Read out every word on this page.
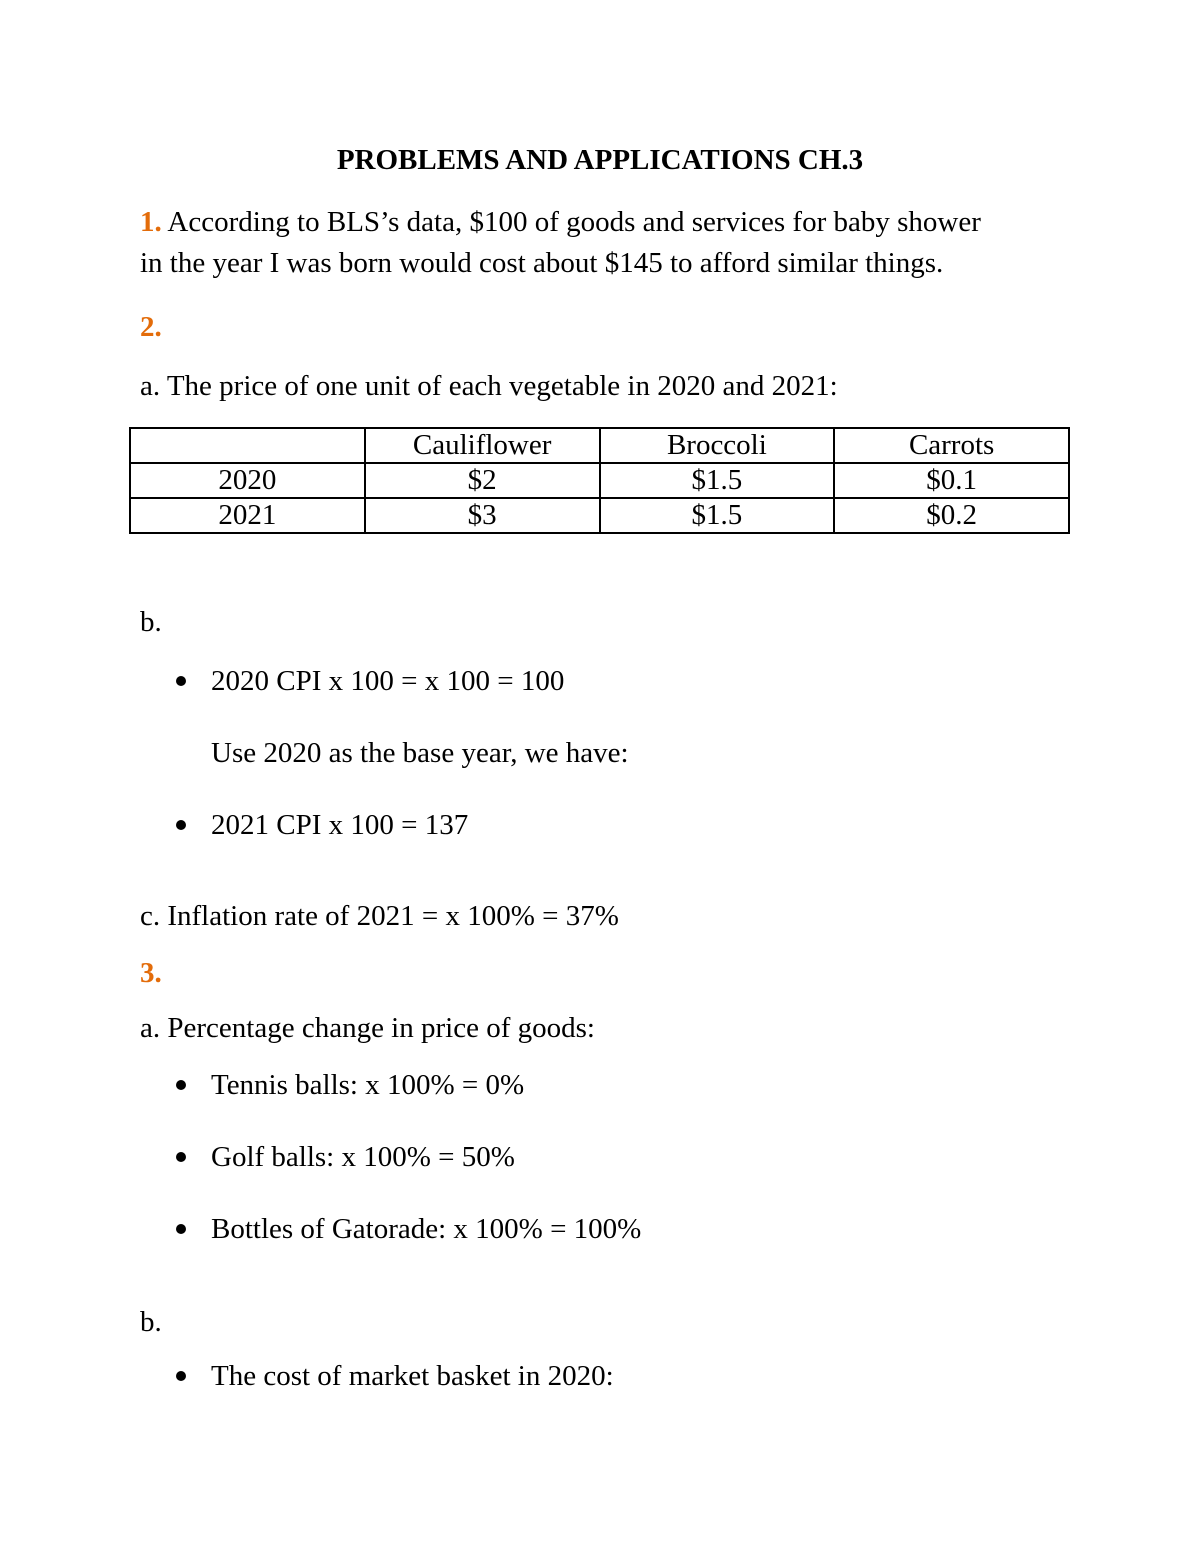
PROBLEMS AND APPLICATIONS CH.3
1. According to BLS’s data, $100 of goods and services for baby shower
in the year I was born would cost about $145 to afford similar things.
2.
a. The price of one unit of each vegetable in 2020 and 2021:
	Cauliflower	Broccoli	Carrots
2020	$2	$1.5	$0.1
2021	$3	$1.5	$0.2
b.
2020 CPI x 100 = x 100 = 100
Use 2020 as the base year, we have:
2021 CPI x 100 = 137
c. Inflation rate of 2021 = x 100% = 37%
3.
a. Percentage change in price of goods:
Tennis balls: x 100% = 0%
Golf balls: x 100% = 50%
Bottles of Gatorade: x 100% = 100%
b.
The cost of market basket in 2020:
